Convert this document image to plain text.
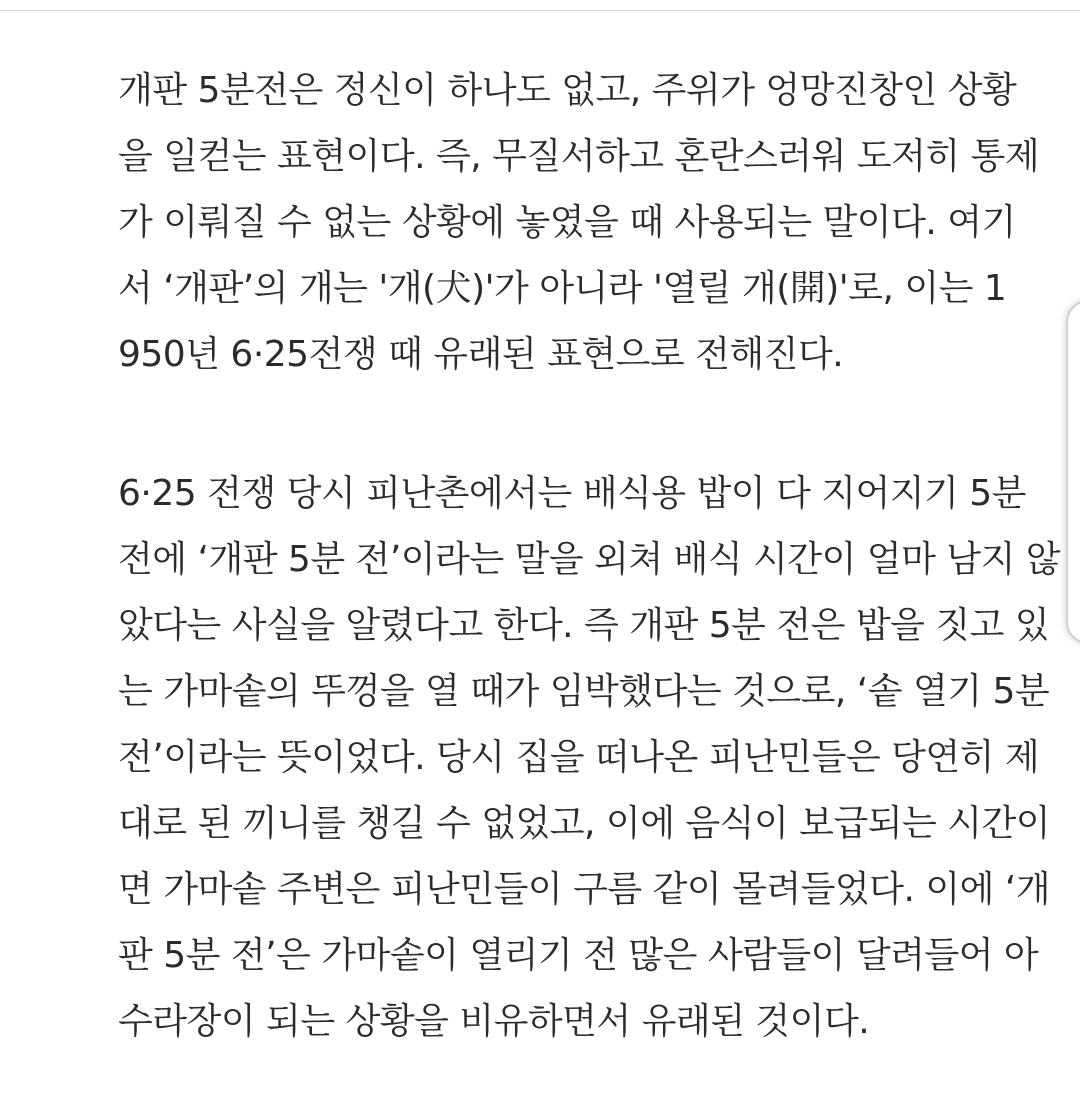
개판 5분전은 정신이 하나도 없고, 주위가 엉망진창인 상황
을 일컫는 표현이다. 즉, 무질서하고 혼란스러워 도저히 통제
가 이뤄질 수 없는 상황에 놓였을 때 사용되는 말이다. 여기
서 ‘개판’의 개는 '개(犬)'가 아니라 '열릴 개(開)'로, 이는 1
950년 6·25전쟁 때 유래된 표현으로 전해진다.
6·25 전쟁 당시 피난촌에서는 배식용 밥이 다 지어지기 5분
전에 ‘개판 5분 전’이라는 말을 외쳐 배식 시간이 얼마 남지 않
았다는 사실을 알렸다고 한다. 즉 개판 5분 전은 밥을 짓고 있
는 가마솥의 뚜껑을 열 때가 임박했다는 것으로, ‘솥 열기 5분
전’이라는 뜻이었다. 당시 집을 떠나온 피난민들은 당연히 제
대로 된 끼니를 챙길 수 없었고, 이에 음식이 보급되는 시간이
면 가마솥 주변은 피난민들이 구름 같이 몰려들었다. 이에 ‘개
판 5분 전’은 가마솥이 열리기 전 많은 사람들이 달려들어 아
수라장이 되는 상황을 비유하면서 유래된 것이다.
